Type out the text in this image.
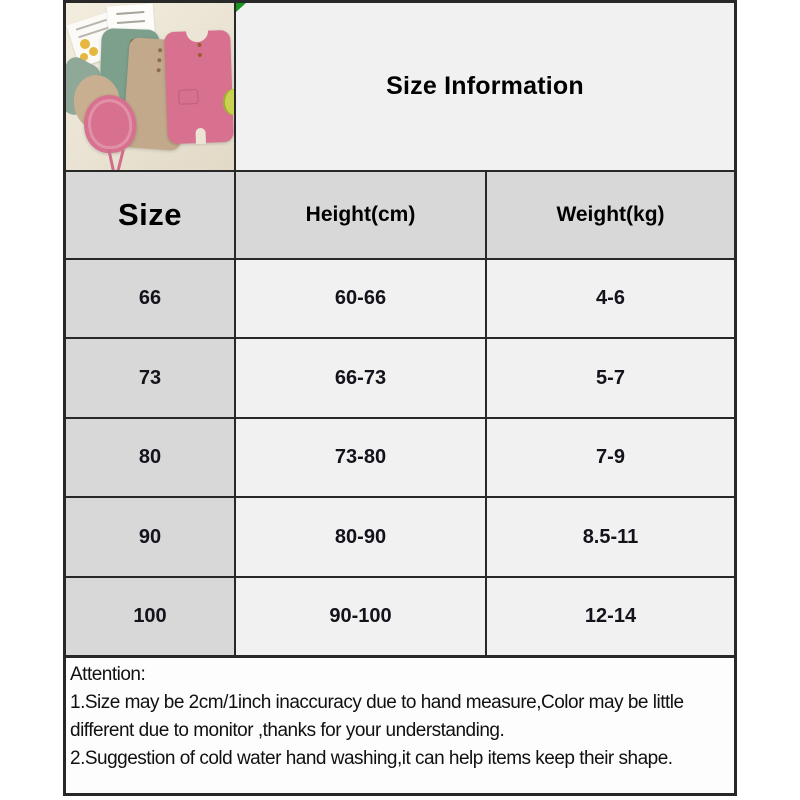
Size Information
Size	Height(cm)	Weight(kg)
66	60-66	4-6
73	66-73	5-7
80	73-80	7-9
90	80-90	8.5-11
100	90-100	12-14
Attention:
1.Size may be 2cm/1inch inaccuracy due to hand measure,Color may be little
different due to monitor ,thanks for your understanding.
2.Suggestion of cold water hand washing,it can help items keep their shape.
